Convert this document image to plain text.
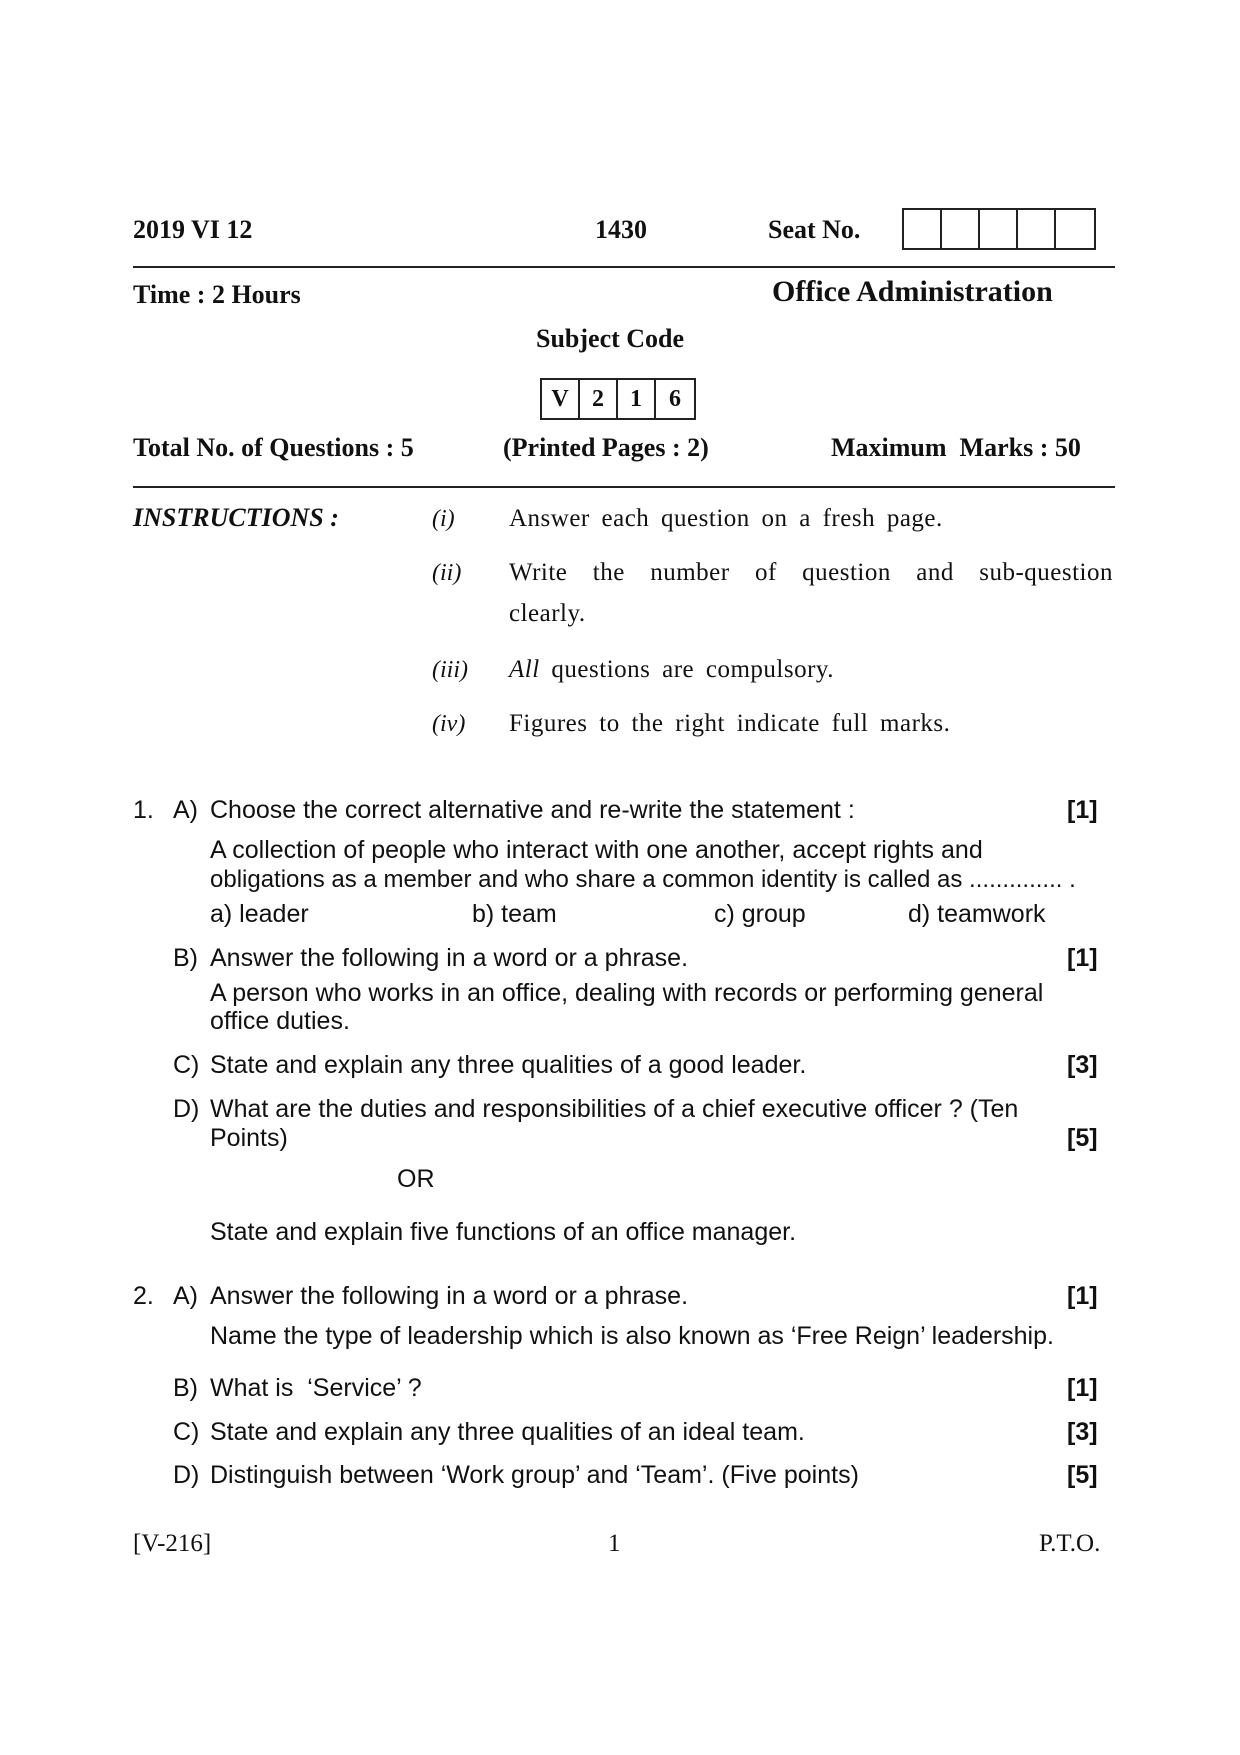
2019 VI 12	1430	Seat No.
Time : 2 Hours	Office Administration
Subject Code
V 2	1	6
Total No. of Questions : 5	(Printed Pages : 2)	Maximum  Marks : 50
INSTRUCTIONS :	(i) Answer each question on a fresh page.
(ii) Write the number of question and sub-question
clearly.
(iii) All questions are compulsory.
(iv) Figures to the right indicate full marks.
1. A) Choose the correct alternative and re-write the statement :	[1]
A collection of people who interact with one another, accept rights and
obligations as a member and who share a common identity is called as .............. .
a) leader	b) team	c) group	d) teamwork
B) Answer the following in a word or a phrase.	[1]
A person who works in an office, dealing with records or performing general
office duties.
C) State and explain any three qualities of a good leader.	[3]
D) What are the duties and responsibilities of a chief executive officer ? (Ten
Points)	[5]
OR
State and explain five functions of an office manager.
2. A) Answer the following in a word or a phrase.	[1]
Name the type of leadership which is also known as ‘Free Reign’ leadership.
B) What is  ‘Service’ ?	[1]
C) State and explain any three qualities of an ideal team.	[3]
D) Distinguish between ‘Work group’ and ‘Team’. (Five points)	[5]
[V-216]	1	P.T.O.
